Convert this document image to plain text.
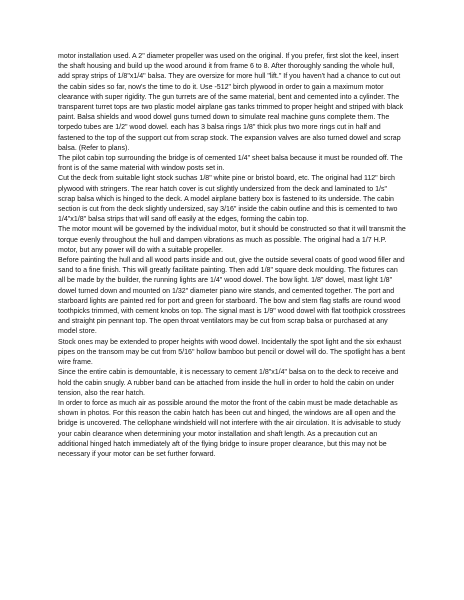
motor installation used. A 2" diameter propeller was used on the original. If you prefer, first slot the keel, insert the shaft housing and build up the wood around it from frame 6 to 8. After thoroughly sanding the whole hull, add spray strips of 1/8"x1/4" balsa. They are oversize for more hull "lift." If you haven't had a chance to cut out the cabin sides so far, now's the time to do it. Use -512" birch plywood in order to gain a maximum motor clearance with super rigidity. The gun turrets are of the same material, bent and cemented into a cylinder. The transparent turret tops are two plastic model airplane gas tanks trimmed to proper height and striped with black paint. Balsa shields and wood dowel guns turned down to simulate real machine guns complete them. The torpedo tubes are 1/2" wood dowel. each has 3 balsa rings 1/8" thick plus two more rings cut in half and fastened to the top of the support cut from scrap stock. The expansion valves are also turned dowel and scrap balsa. (Refer to plans).

The pilot cabin top surrounding the bridge is of cemented 1/4" sheet balsa because it must be rounded off. The front is of the same material with window posts set in.

Cut the deck from suitable light stock suchas 1/8" white pine or bristol board, etc. The original had 112" birch plywood with stringers. The rear hatch cover is cut slightly undersized from the deck and laminated to 1/s" scrap balsa which is hinged to the deck. A model airplane battery box is fastened to its underside. The cabin section is cut from the deck slightly undersized, say 3/16" inside the cabin outline and this is cemented to two 1/4"x1/8" balsa strips that will sand off easily at the edges, forming the cabin top.

The motor mount will be governed by the individual motor, but it should be constructed so that it will transmit the torque evenly throughout the hull and dampen vibrations as much as possible. The original had a 1/7 H.P. motor, but any power will do with a suitable propeller.

Before painting the hull and all wood parts inside and out, give the outside several coats of good wood filler and sand to a fine finish. This will greatly facilitate painting. Then add 1/8" square deck moulding. The fixtures can all be made by the builder, the running lights are 1/4" wood dowel. The bow light. 1/8" dowel, mast light 1/8" dowel turned down and mounted on 1/32" diameter piano wire stands, and cemented together. The port and starboard lights are painted red for port and green for starboard. The bow and stern flag staffs are round wood toothpicks trimmed, with cement knobs on top. The signal mast is 1/9" wood dowel with flat toothpick crosstrees and straight pin pennant top. The open throat ventilators may be cut from scrap balsa or purchased at any model store.

Stock ones may be extended to proper heights with wood dowel. Incidentally the spot light and the six exhaust pipes on the transom may be cut from 5/16" hollow bamboo but pencil or dowel will do. The spotlight has a bent wire frame.

Since the entire cabin is demountable, it is necessary to cement 1/8"x1/4" balsa on to the deck to receive and hold the cabin snugly. A rubber band can be attached from inside the hull in order to hold the cabin on under tension, also the rear hatch.

In order to force as much air as possible around the motor the front of the cabin must be made detachable as shown in photos. For this reason the cabin hatch has been cut and hinged, the windows are all open and the bridge is uncovered. The cellophane windshield will not interfere with the air circulation. It is advisable to study your cabin clearance when determining your motor installation and shaft length. As a precaution cut an additional hinged hatch immediately aft of the flying bridge to insure proper clearance, but this may not be necessary if your motor can be set further forward.
